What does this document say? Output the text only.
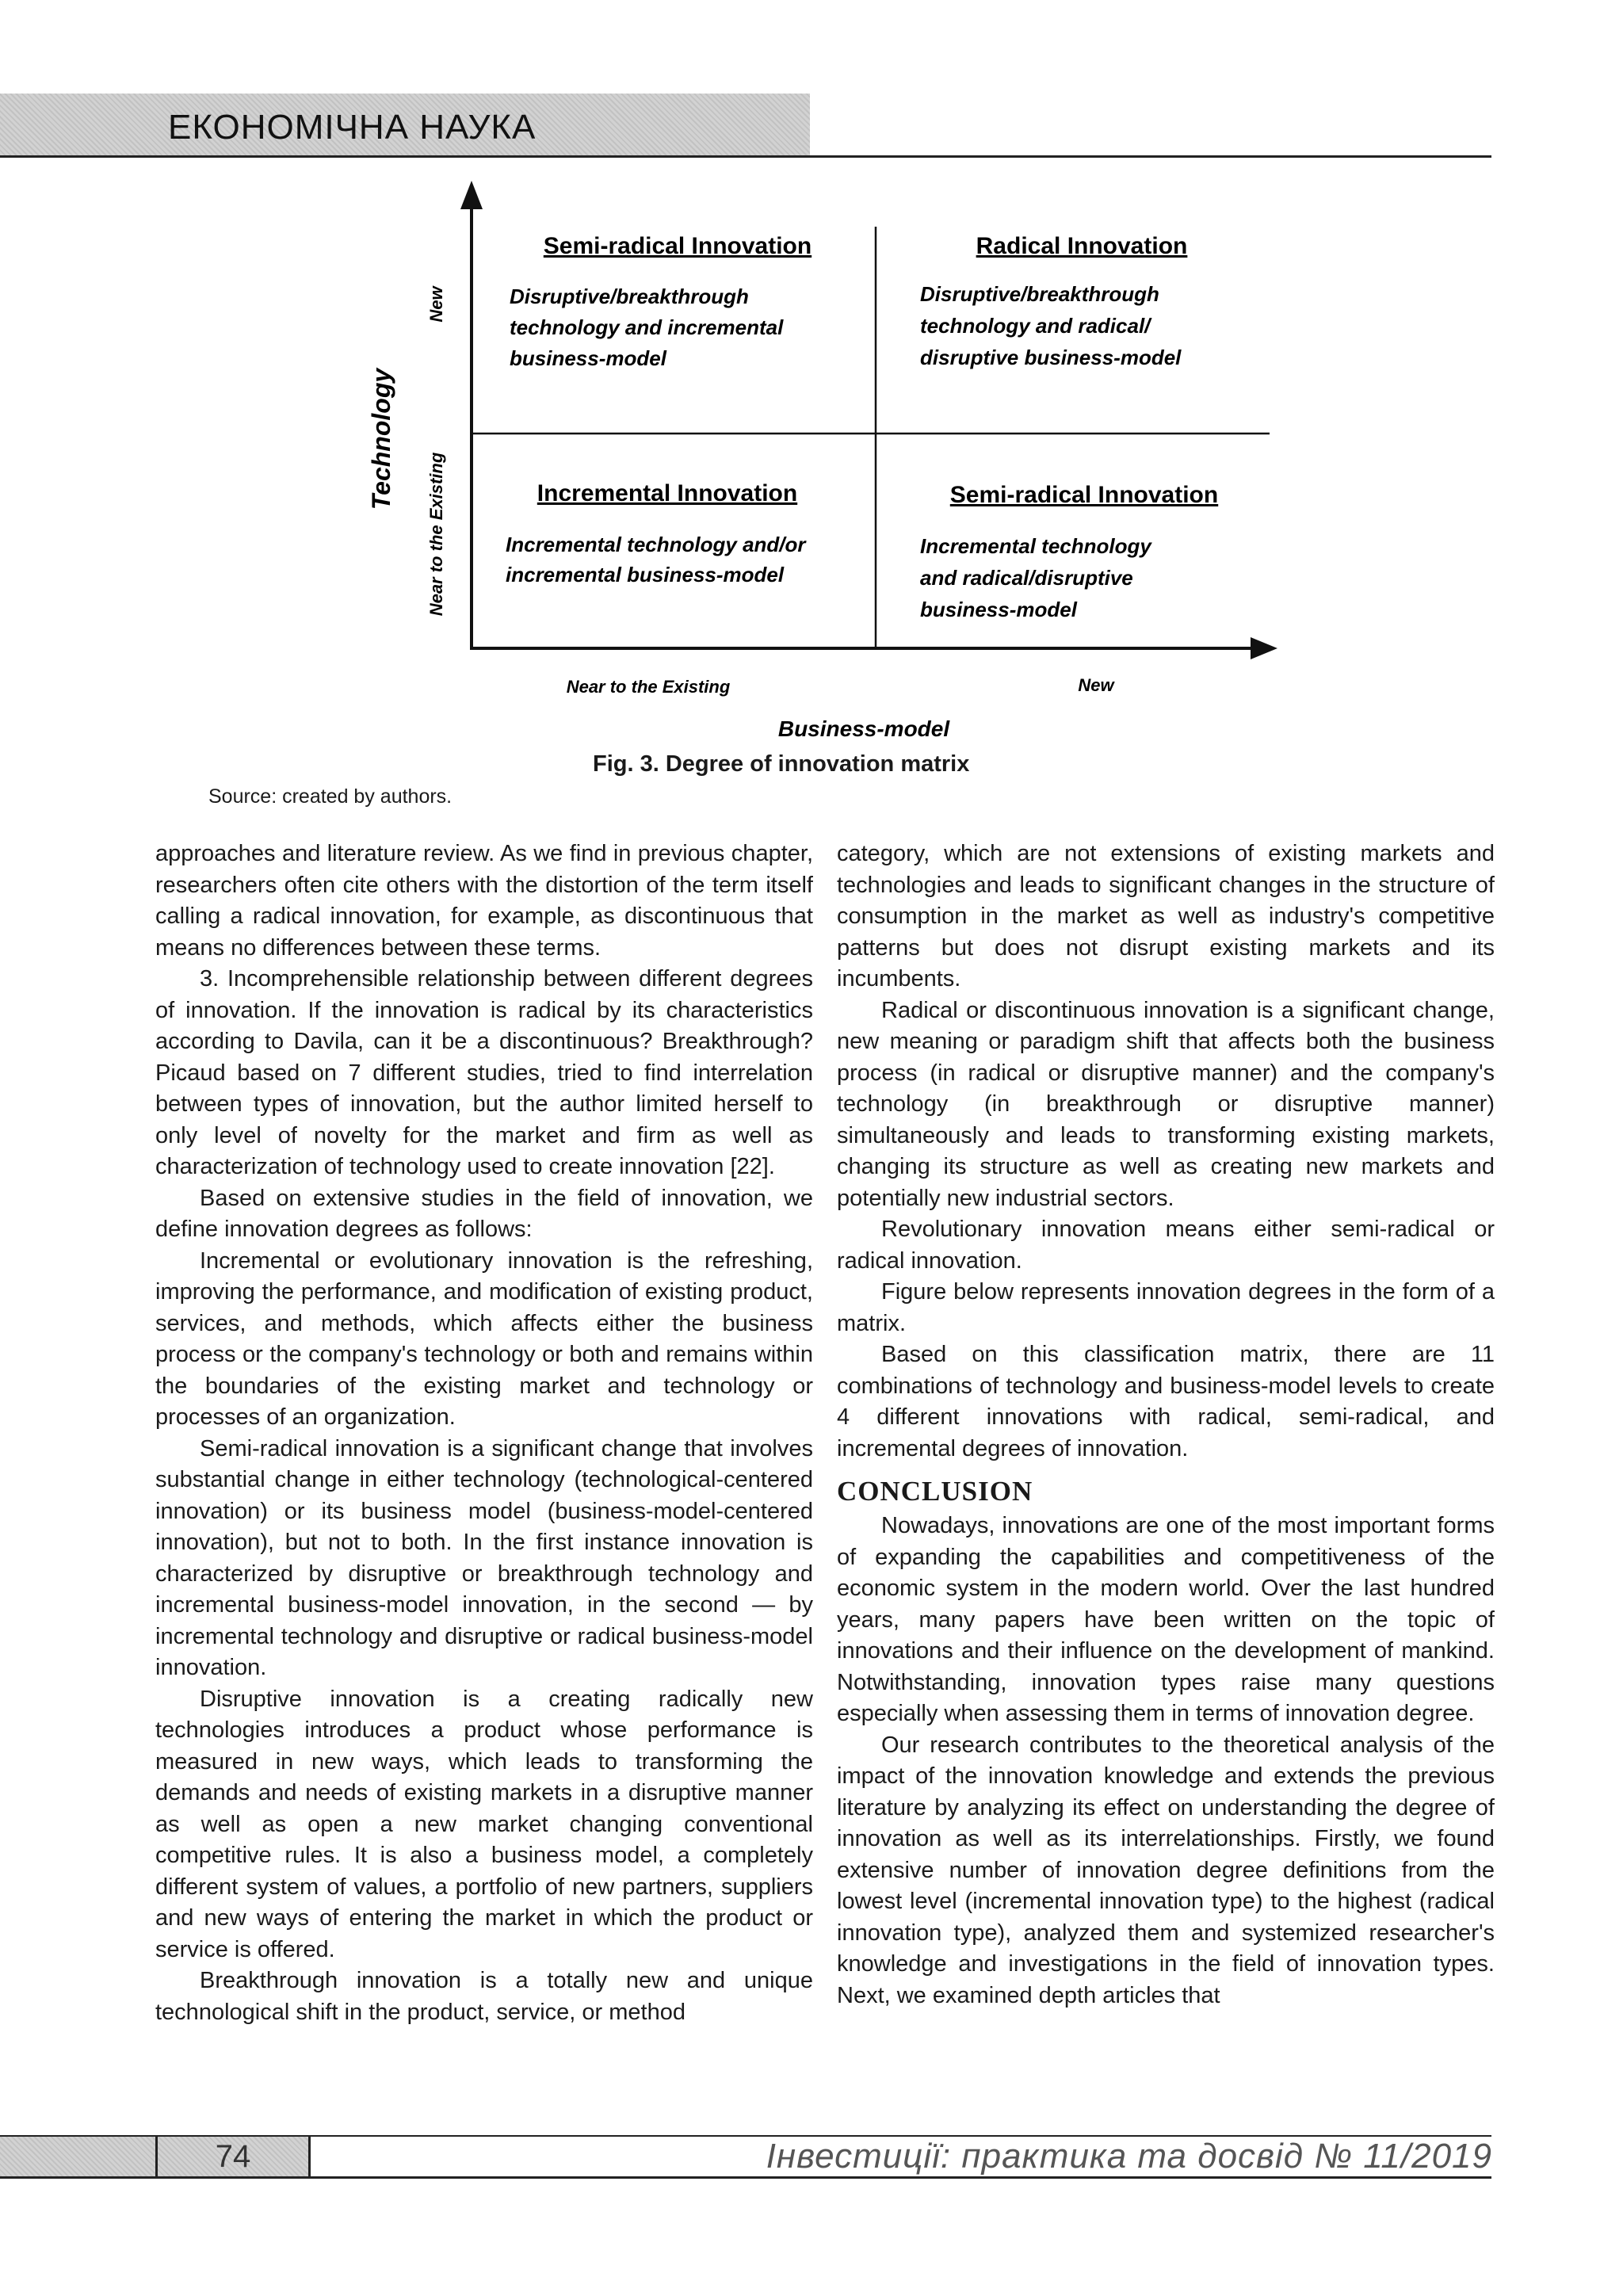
ЕКОНОМІЧНА НАУКА
Technology
New
Near to the Existing
Near to the Existing	New
Business-model
Semi-radical Innovation
Disruptive/breakthrough
technology and incremental
business-model
Radical Innovation
Disruptive/breakthrough
technology and radical/
disruptive business-model
Incremental Innovation
Incremental technology and/or
incremental business-model
Semi-radical Innovation
Incremental technology
and radical/disruptive
business-model
Fig. 3. Degree of innovation matrix
Source: created by authors.

approaches and literature review. As we find in previous chapter, researchers often cite others with the distortion of the term itself calling a radical innovation, for example, as discontinuous that means no differences between these terms.

3. Incomprehensible relationship between different degrees of innovation. If the innovation is radical by its characteristics according to Davila, can it be a discontinuous? Breakthrough? Picaud based on 7 different studies, tried to find interrelation between types of innovation, but the author limited herself to only level of novelty for the market and firm as well as characterization of technology used to create innovation [22].

Based on extensive studies in the field of innovation, we define innovation degrees as follows:

Incremental or evolutionary innovation is the refreshing, improving the performance, and modification of existing product, services, and methods, which affects either the business process or the company's technology or both and remains within the boundaries of the existing market and technology or processes of an organization.

Semi-radical innovation is a significant change that involves substantial change in either technology (technological-centered innovation) or its business model (business-model-centered innovation), but not to both. In the first instance innovation is characterized by disruptive or breakthrough technology and incremental business-model innovation, in the second — by incremental technology and disruptive or radical business-model innovation.

Disruptive innovation is a creating radically new technologies introduces a product whose performance is measured in new ways, which leads to transforming the demands and needs of existing markets in a disruptive manner as well as open a new market changing conventional competitive rules. It is also a business model, a completely different system of values, a portfolio of new partners, suppliers and new ways of entering the market in which the product or service is offered.

Breakthrough innovation is a totally new and unique technological shift in the product, service, or method

category, which are not extensions of existing markets and technologies and leads to significant changes in the structure of consumption in the market as well as industry's competitive patterns but does not disrupt existing markets and its incumbents.

Radical or discontinuous innovation is a significant change, new meaning or paradigm shift that affects both the business process (in radical or disruptive manner) and the company's technology (in breakthrough or disruptive manner) simultaneously and leads to transforming existing markets, changing its structure as well as creating new markets and potentially new industrial sectors.

Revolutionary innovation means either semi-radical or radical innovation.

Figure below represents innovation degrees in the form of a matrix.

Based on this classification matrix, there are 11 combinations of technology and business-model levels to create 4 different innovations with radical, semi-radical, and incremental degrees of innovation.

CONCLUSION

Nowadays, innovations are one of the most important forms of expanding the capabilities and competitiveness of the economic system in the modern world. Over the last hundred years, many papers have been written on the topic of innovations and their influence on the development of mankind. Notwithstanding, innovation types raise many questions especially when assessing them in terms of innovation degree.

Our research contributes to the theoretical analysis of the impact of the innovation knowledge and extends the previous literature by analyzing its effect on understanding the degree of innovation as well as its interrelationships. Firstly, we found extensive number of innovation degree definitions from the lowest level (incremental innovation type) to the highest (radical innovation type), analyzed them and systemized researcher's knowledge and investigations in the field of innovation types. Next, we examined depth articles that

74	Інвестиції: практика та досвід № 11/2019
